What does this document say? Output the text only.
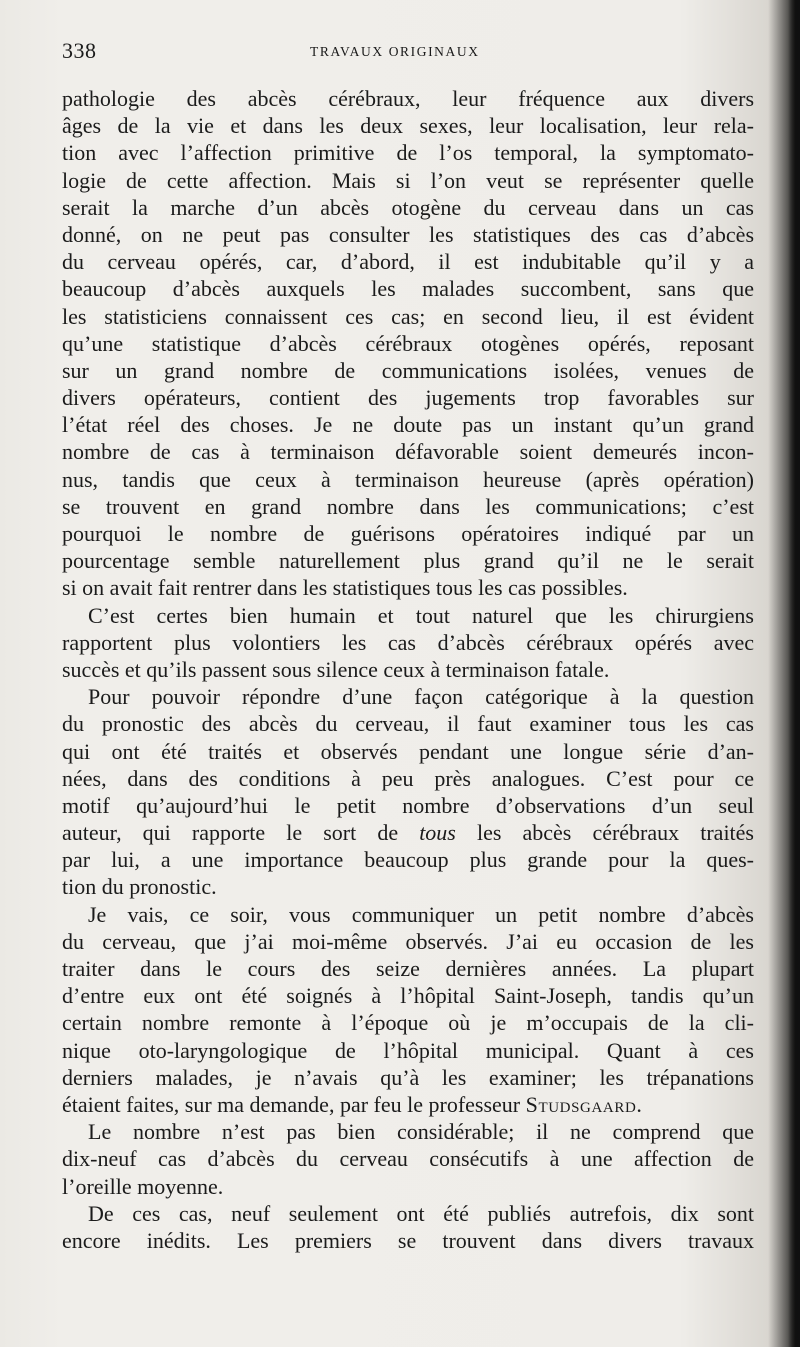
338	TRAVAUX ORIGINAUX
pathologie des abcès cérébraux, leur fréquence aux divers
âges de la vie et dans les deux sexes, leur localisation, leur rela-
tion avec l’affection primitive de l’os temporal, la symptomato-
logie de cette affection. Mais si l’on veut se représenter quelle
serait la marche d’un abcès otogène du cerveau dans un cas
donné, on ne peut pas consulter les statistiques des cas d’abcès
du cerveau opérés, car, d’abord, il est indubitable qu’il y a
beaucoup d’abcès auxquels les malades succombent, sans que
les statisticiens connaissent ces cas; en second lieu, il est évident
qu’une statistique d’abcès cérébraux otogènes opérés, reposant
sur un grand nombre de communications isolées, venues de
divers opérateurs, contient des jugements trop favorables sur
l’état réel des choses. Je ne doute pas un instant qu’un grand
nombre de cas à terminaison défavorable soient demeurés incon-
nus, tandis que ceux à terminaison heureuse (après opération)
se trouvent en grand nombre dans les communications; c’est
pourquoi le nombre de guérisons opératoires indiqué par un
pourcentage semble naturellement plus grand qu’il ne le serait
si on avait fait rentrer dans les statistiques tous les cas possibles.
C’est certes bien humain et tout naturel que les chirurgiens
rapportent plus volontiers les cas d’abcès cérébraux opérés avec
succès et qu’ils passent sous silence ceux à terminaison fatale.
Pour pouvoir répondre d’une façon catégorique à la question
du pronostic des abcès du cerveau, il faut examiner tous les cas
qui ont été traités et observés pendant une longue série d’an-
nées, dans des conditions à peu près analogues. C’est pour ce
motif qu’aujourd’hui le petit nombre d’observations d’un seul
auteur, qui rapporte le sort de tous les abcès cérébraux traités
par lui, a une importance beaucoup plus grande pour la ques-
tion du pronostic.
Je vais, ce soir, vous communiquer un petit nombre d’abcès
du cerveau, que j’ai moi-même observés. J’ai eu occasion de les
traiter dans le cours des seize dernières années. La plupart
d’entre eux ont été soignés à l’hôpital Saint-Joseph, tandis qu’un
certain nombre remonte à l’époque où je m’occupais de la cli-
nique oto-laryngologique de l’hôpital municipal. Quant à ces
derniers malades, je n’avais qu’à les examiner; les trépanations
étaient faites, sur ma demande, par feu le professeur Studsgaard.
Le nombre n’est pas bien considérable; il ne comprend que
dix-neuf cas d’abcès du cerveau consécutifs à une affection de
l’oreille moyenne.
De ces cas, neuf seulement ont été publiés autrefois, dix sont
encore inédits. Les premiers se trouvent dans divers travaux
